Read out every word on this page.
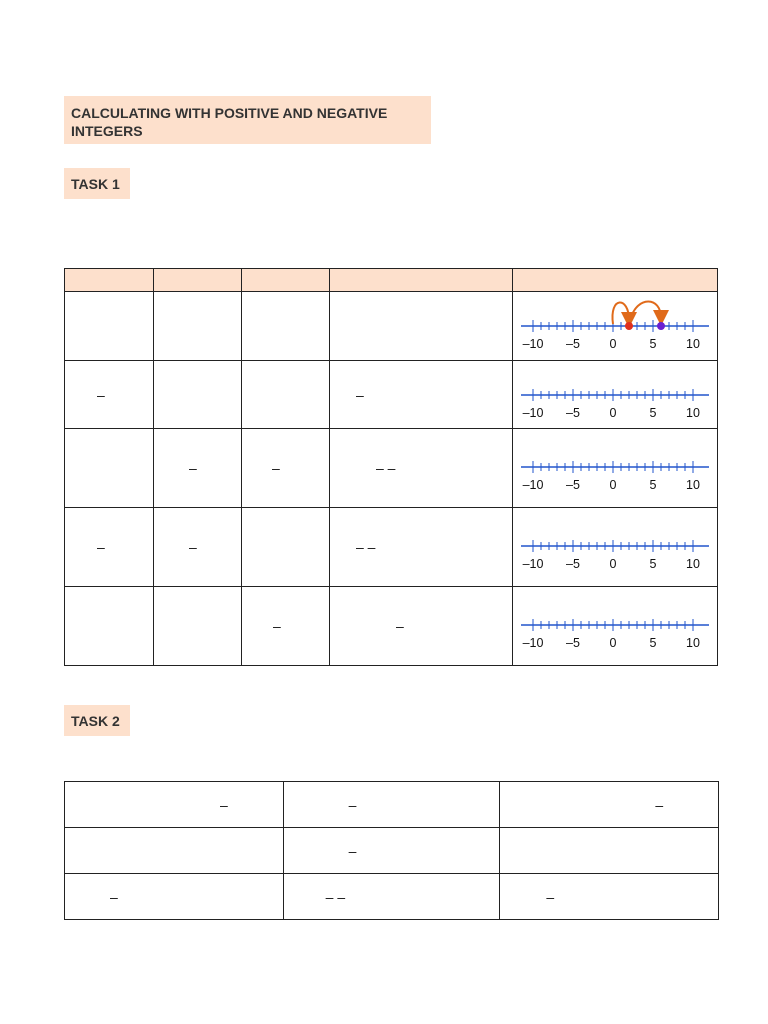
CALCULATING WITH POSITIVE AND NEGATIVE INTEGERS
TASK 1

–10 –5 0 5 10

–			–	–10 –5 0 5 10

	–	–	– –	–10 –5 0 5 10

–	–		– –	–10 –5 0 5 10

		–	–	–10 –5 0 5 10
TASK 2
–	–	–

	–	

–	– –	–
